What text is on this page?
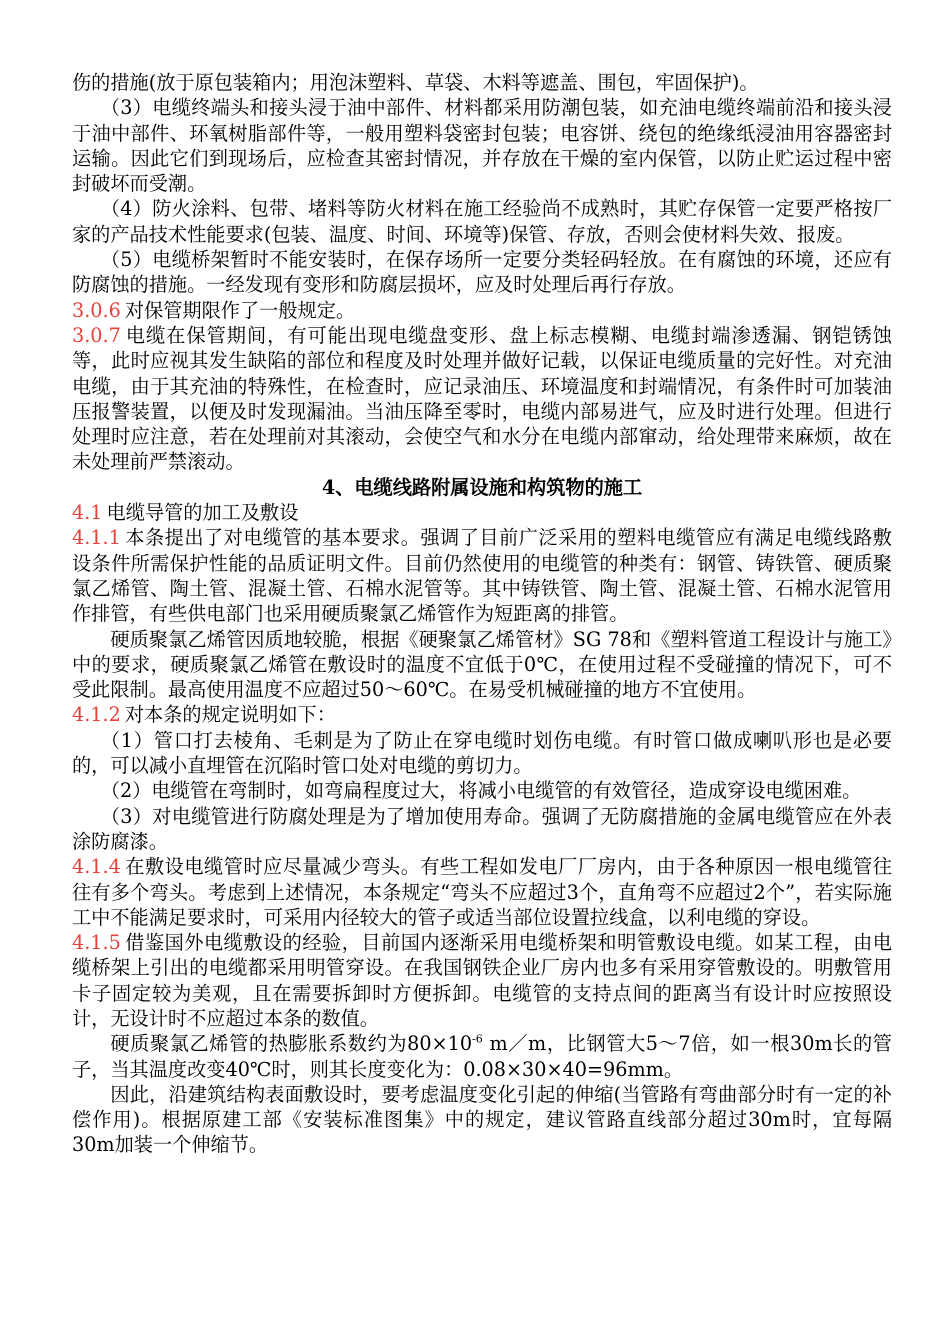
伤的措施(放于原包装箱内；用泡沫塑料、草袋、木料等遮盖、围包，牢固保护)。

（3）电缆终端头和接头浸于油中部件、材料都采用防潮包装，如充油电缆终端前沿和接头浸于油中部件、环氧树脂部件等，一般用塑料袋密封包装；电容饼、绕包的绝缘纸浸油用容器密封运输。因此它们到现场后，应检查其密封情况，并存放在干燥的室内保管，以防止贮运过程中密封破坏而受潮。

（4）防火涂料、包带、堵料等防火材料在施工经验尚不成熟时，其贮存保管一定要严格按厂家的产品技术性能要求(包装、温度、时间、环境等)保管、存放，否则会使材料失效、报废。

（5）电缆桥架暂时不能安装时，在保存场所一定要分类轻码轻放。在有腐蚀的环境，还应有防腐蚀的措施。一经发现有变形和防腐层损坏，应及时处理后再行存放。

3.0.6 对保管期限作了一般规定。

3.0.7 电缆在保管期间，有可能出现电缆盘变形、盘上标志模糊、电缆封端渗透漏、钢铠锈蚀等，此时应视其发生缺陷的部位和程度及时处理并做好记载，以保证电缆质量的完好性。对充油电缆，由于其充油的特殊性，在检查时，应记录油压、环境温度和封端情况，有条件时可加装油压报警装置，以便及时发现漏油。当油压降至零时，电缆内部易进气，应及时进行处理。但进行处理时应注意，若在处理前对其滚动，会使空气和水分在电缆内部窜动，给处理带来麻烦，故在未处理前严禁滚动。

4、电缆线路附属设施和构筑物的施工

4.1 电缆导管的加工及敷设

4.1.1 本条提出了对电缆管的基本要求。强调了目前广泛采用的塑料电缆管应有满足电缆线路敷设条件所需保护性能的品质证明文件。目前仍然使用的电缆管的种类有：钢管、铸铁管、硬质聚氯乙烯管、陶土管、混凝土管、石棉水泥管等。其中铸铁管、陶土管、混凝土管、石棉水泥管用作排管，有些供电部门也采用硬质聚氯乙烯管作为短距离的排管。

硬质聚氯乙烯管因质地较脆，根据《硬聚氯乙烯管材》SG 78和《塑料管道工程设计与施工》中的要求，硬质聚氯乙烯管在敷设时的温度不宜低于0℃，在使用过程不受碰撞的情况下，可不受此限制。最高使用温度不应超过50～60℃。在易受机械碰撞的地方不宜使用。

4.1.2 对本条的规定说明如下：

（1）管口打去棱角、毛刺是为了防止在穿电缆时划伤电缆。有时管口做成喇叭形也是必要的，可以减小直埋管在沉陷时管口处对电缆的剪切力。

（2）电缆管在弯制时，如弯扁程度过大，将减小电缆管的有效管径，造成穿设电缆困难。

（3）对电缆管进行防腐处理是为了增加使用寿命。强调了无防腐措施的金属电缆管应在外表涂防腐漆。

4.1.4 在敷设电缆管时应尽量减少弯头。有些工程如发电厂厂房内，由于各种原因一根电缆管往往有多个弯头。考虑到上述情况，本条规定“弯头不应超过3个，直角弯不应超过2个”，若实际施工中不能满足要求时，可采用内径较大的管子或适当部位设置拉线盒，以利电缆的穿设。

4.1.5 借鉴国外电缆敷设的经验，目前国内逐渐采用电缆桥架和明管敷设电缆。如某工程，由电缆桥架上引出的电缆都采用明管穿设。在我国钢铁企业厂房内也多有采用穿管敷设的。明敷管用卡子固定较为美观，且在需要拆卸时方便拆卸。电缆管的支持点间的距离当有设计时应按照设计，无设计时不应超过本条的数值。

硬质聚氯乙烯管的热膨胀系数约为$80\times 10^{-6}$ m／m，比钢管大5～7倍，如一根30m长的管子，当其温度改变40℃时，则其长度变化为：0.08×30×40=96mm。

因此，沿建筑结构表面敷设时，要考虑温度变化引起的伸缩(当管路有弯曲部分时有一定的补偿作用)。根据原建工部《安装标准图集》中的规定，建议管路直线部分超过30m时，宜每隔30m加装一个伸缩节。
